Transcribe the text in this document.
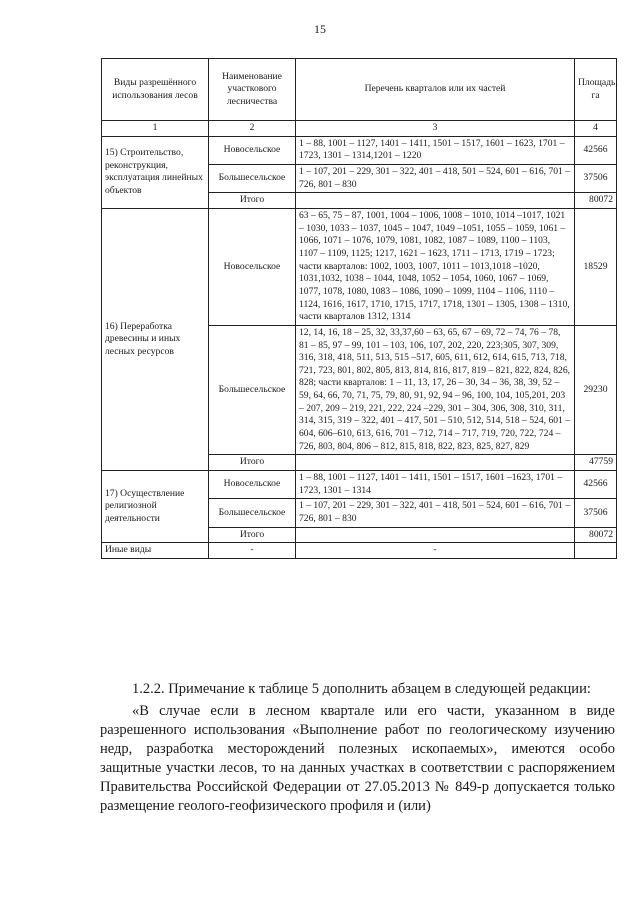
15
Виды разрешённого использования лесов	Наименование участкового лесничества	Перечень кварталов или их частей	Площадь, га
1	2	3	4
15) Строительство, реконструкция, эксплуатация линейных объектов	Новосельское	1 – 88, 1001 – 1127, 1401 – 1411, 1501 – 1517, 1601 – 1623, 1701 – 1723, 1301 – 1314,1201 – 1220	42566
	Большесельское	1 – 107, 201 – 229, 301 – 322, 401 – 418, 501 – 524, 601 – 616, 701 – 726, 801 – 830	37506
	Итого		80072
16) Переработка древесины и иных лесных ресурсов	Новосельское	63 – 65, 75 – 87, 1001, 1004 – 1006, 1008 – 1010, 1014 –1017, 1021 – 1030, 1033 – 1037, 1045 – 1047, 1049 –1051, 1055 – 1059, 1061 – 1066, 1071 – 1076, 1079, 1081, 1082, 1087 – 1089, 1100 – 1103, 1107 – 1109, 1125; 1217, 1621 – 1623, 1711 – 1713, 1719 – 1723; части кварталов: 1002, 1003, 1007, 1011 – 1013,1018 –1020, 1031,1032, 1038 – 1044, 1048, 1052 – 1054, 1060, 1067 – 1069, 1077, 1078, 1080, 1083 – 1086, 1090 – 1099, 1104 – 1106, 1110 – 1124, 1616, 1617, 1710, 1715, 1717, 1718, 1301 – 1305, 1308 – 1310, части кварталов 1312, 1314	18529
	Большесельское	12, 14, 16, 18 – 25, 32, 33,37,60 – 63, 65, 67 – 69, 72 – 74, 76 – 78, 81 – 85, 97 – 99, 101 – 103, 106, 107, 202, 220, 223;305, 307, 309, 316, 318, 418, 511, 513, 515 –517, 605, 611, 612, 614, 615, 713, 718, 721, 723, 801, 802, 805, 813, 814, 816, 817, 819 – 821, 822, 824, 826, 828; части кварталов: 1 – 11, 13, 17, 26 – 30, 34 – 36, 38, 39, 52 – 59, 64, 66, 70, 71, 75, 79, 80, 91, 92, 94 – 96, 100, 104, 105,201, 203 – 207, 209 – 219, 221, 222, 224 –229, 301 – 304, 306, 308, 310, 311, 314, 315, 319 – 322, 401 – 417, 501 – 510, 512, 514, 518 – 524, 601 – 604, 606–610, 613, 616, 701 – 712, 714 – 717, 719, 720, 722, 724 – 726, 803, 804, 806 – 812, 815, 818, 822, 823, 825, 827, 829	29230
	Итого		47759
17) Осуществление религиозной деятельности	Новосельское	1 – 88, 1001 – 1127, 1401 – 1411, 1501 – 1517, 1601 –1623, 1701 – 1723, 1301 – 1314	42566
	Большесельское	1 – 107, 201 – 229, 301 – 322, 401 – 418, 501 – 524, 601 – 616, 701 – 726, 801 – 830	37506
	Итого		80072
Иные виды	-	-	

1.2.2. Примечание к таблице 5 дополнить абзацем в следующей редакции:

«В случае если в лесном квартале или его части, указанном в виде разрешенного использования «Выполнение работ по геологическому изучению недр, разработка месторождений полезных ископаемых», имеются особо защитные участки лесов, то на данных участках в соответствии с распоряжением Правительства Российской Федерации от 27.05.2013 № 849-р допускается только размещение геолого-геофизического профиля и (или)
